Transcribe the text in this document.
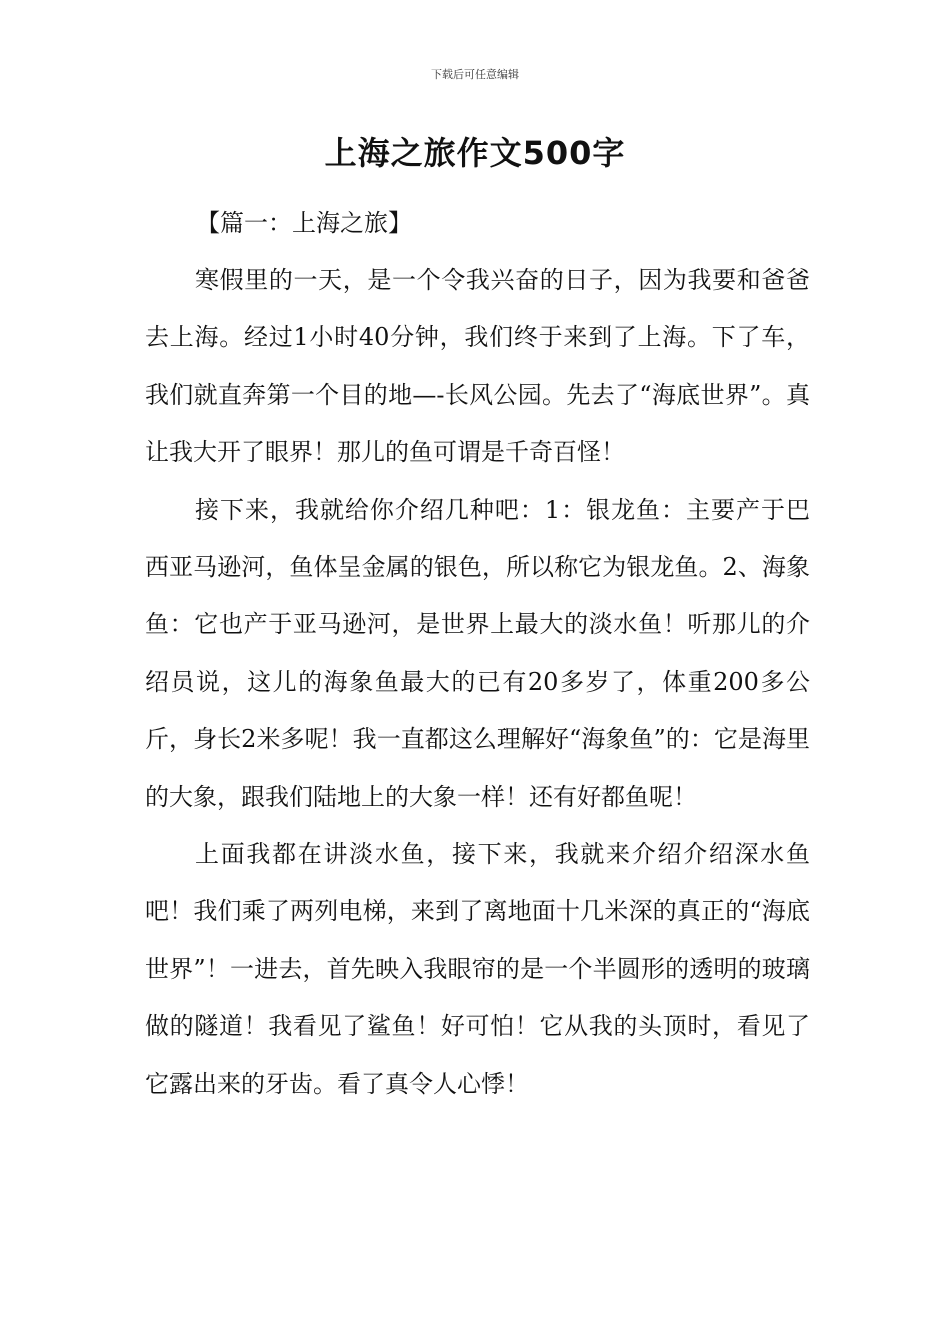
下载后可任意编辑
上海之旅作文500字
【篇一：上海之旅】

寒假里的一天，是一个令我兴奋的日子，因为我要和爸爸去上海。经过1小时40分钟，我们终于来到了上海。下了车，我们就直奔第一个目的地—-长风公园。先去了“海底世界”。真让我大开了眼界！那儿的鱼可谓是千奇百怪！

接下来，我就给你介绍几种吧：1：银龙鱼：主要产于巴西亚马逊河，鱼体呈金属的银色，所以称它为银龙鱼。2、海象鱼：它也产于亚马逊河，是世界上最大的淡水鱼！听那儿的介绍员说，这儿的海象鱼最大的已有20多岁了，体重200多公斤，身长2米多呢！我一直都这么理解好“海象鱼”的：它是海里的大象，跟我们陆地上的大象一样！还有好都鱼呢！

上面我都在讲淡水鱼，接下来，我就来介绍介绍深水鱼吧！我们乘了两列电梯，来到了离地面十几米深的真正的“海底世界”！一进去，首先映入我眼帘的是一个半圆形的透明的玻璃做的隧道！我看见了鲨鱼！好可怕！它从我的头顶时，看见了它露出来的牙齿。看了真令人心悸！
